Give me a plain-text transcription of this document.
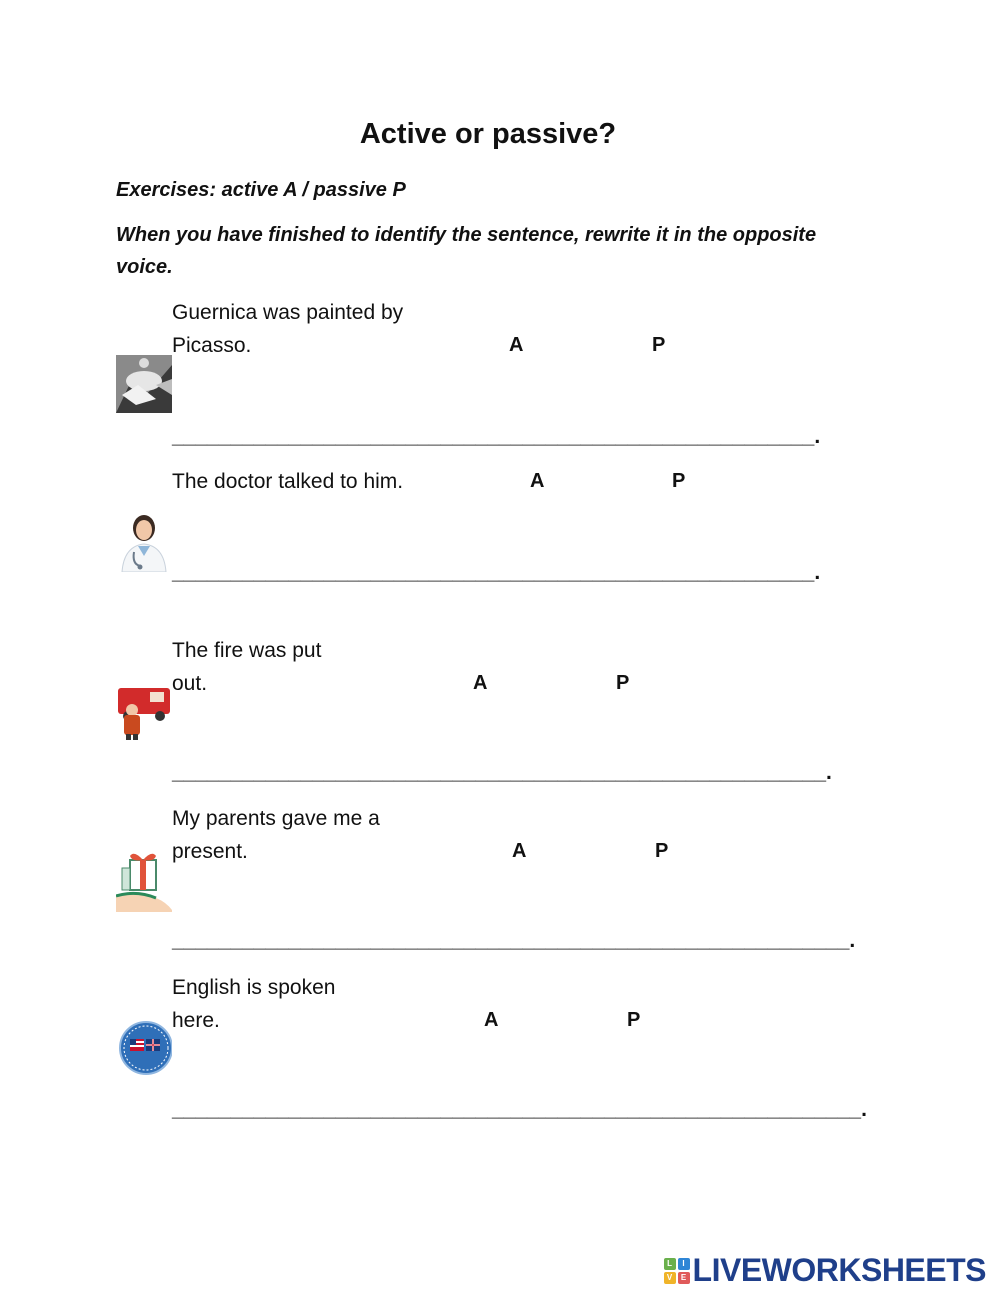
Active or passive?
Exercises: active A / passive P
When you have finished to identify the sentence, rewrite it in the opposite
voice.
Guernica was painted by
Picasso.	A	P
_______________________________________________________.
The doctor talked to him.	A	P
_______________________________________________________.
The fire was put
out.	A	P
________________________________________________________.
My parents gave me a
present.	A	P
__________________________________________________________.
English is spoken
here.	A	P
___________________________________________________________.
L	I
V	E LIVEWORKSHEETS
